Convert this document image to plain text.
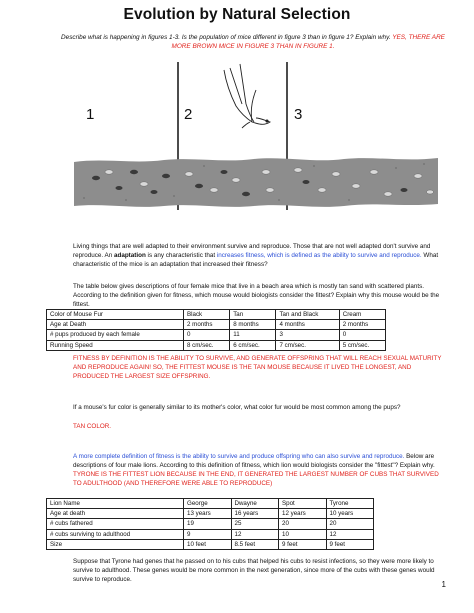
Evolution by Natural Selection
Describe what is happening in figures 1-3. Is the population of mice different in figure 3 than in figure 1? Explain why. YES, THERE ARE MORE BROWN MICE IN FIGURE 3 THAN IN FIGURE 1.
1	2	3
Living things that are well adapted to their environment survive and reproduce. Those that are not well adapted don't survive and reproduce. An adaptation is any characteristic that increases fitness, which is defined as the ability to survive and reproduce. What characteristic of the mice is an adaptation that increased their fitness?
The table below gives descriptions of four female mice that live in a beach area which is mostly tan sand with scattered plants. According to the definition given for fitness, which mouse would biologists consider the fittest? Explain why this mouse would be the fittest.
Color of Mouse Fur	Black	Tan	Tan and Black	Cream
Age at Death	2 months	8 months	4 months	2 months
# pups produced by each female	0	11	3	0
Running Speed	8 cm/sec.	6 cm/sec.	7 cm/sec.	5 cm/sec.
FITNESS BY DEFINITION IS THE ABILITY TO SURVIVE, AND GENERATE OFFSPRING THAT WILL REACH SEXUAL MATURITY AND REPRODUCE AGAIN! SO, THE FITTEST MOUSE IS THE TAN MOUSE BECAUSE IT LIVED THE LONGEST, AND PRODUCED THE LARGEST SIZE OFFSPRING.
If a mouse's fur color is generally similar to its mother's color, what color fur would be most common among the pups?
TAN COLOR.
A more complete definition of fitness is the ability to survive and produce offspring who can also survive and reproduce. Below are descriptions of four male lions. According to this definition of fitness, which lion would biologists consider the "fittest"? Explain why. TYRONE IS THE FITTEST LION BECAUSE IN THE END, IT GENERATED THE LARGEST NUMBER OF CUBS THAT SURVIVED TO ADULTHOOD (AND THEREFORE WERE ABLE TO REPRODUCE)
Lion Name	George	Dwayne	Spot	Tyrone
Age at death	13 years	16 years	12 years	10 years
# cubs fathered	19	25	20	20
# cubs surviving to adulthood	9	12	10	12
Size	10 feet	8.5 feet	9 feet	9 feet
Suppose that Tyrone had genes that he passed on to his cubs that helped his cubs to resist infections, so they were more likely to survive to adulthood. These genes would be more common in the next generation, since more of the cubs with these genes would survive to reproduce.
1
